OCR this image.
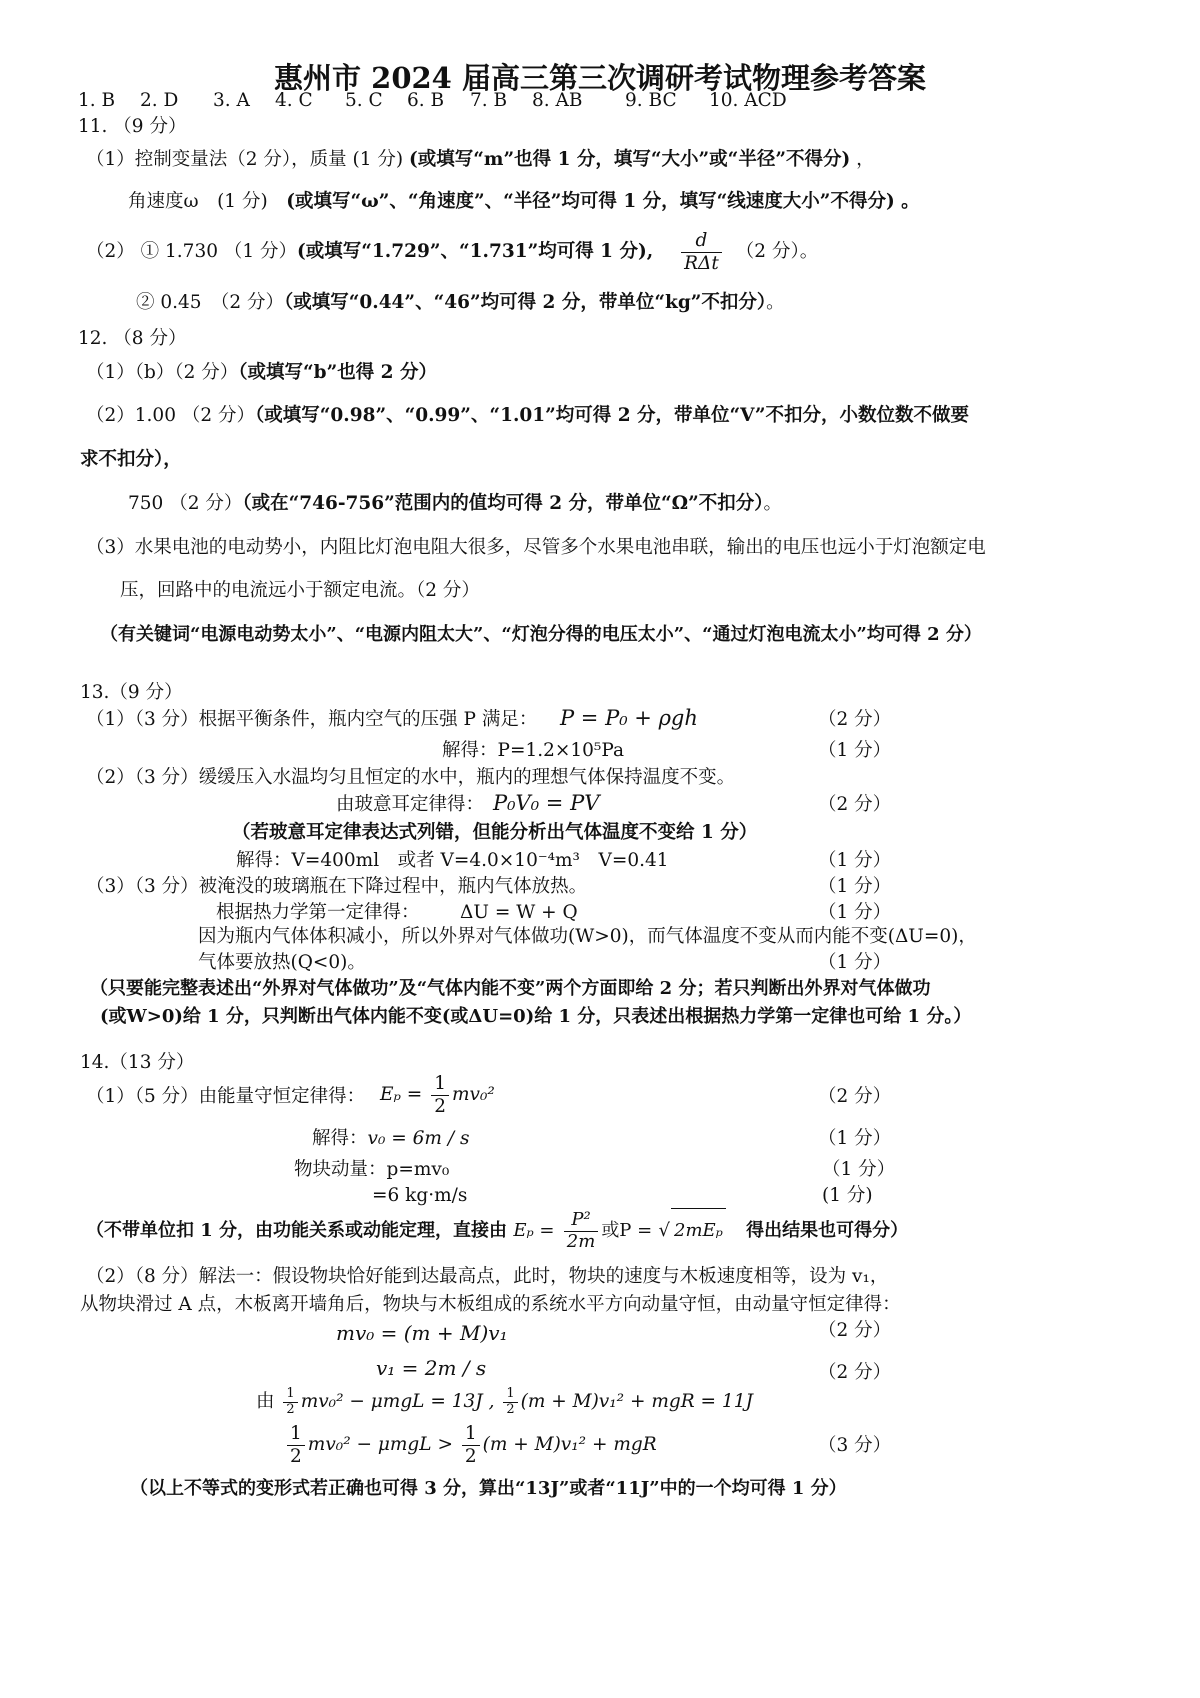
惠州市 2024 届高三第三次调研考试物理参考答案
1. B 2. D 3. A 4. C 5. C 6. B 7. B 8. AB 9. BC 10. ACD
11. （9 分）
（1）控制变量法（2 分），质量 (1 分) (或填写“m”也得 1 分，填写“大小”或“半径”不得分) ，
角速度ω　(1 分)　(或填写“ω”、“角速度”、“半径”均可得 1 分，填写“线速度大小”不得分) 。
（2） ① 1.730 （1 分）(或填写“1.729”、“1.731”均可得 1 分), $\frac{d}{\text{RΔt}} (2$ 分）。
② 0.45　（2 分）（或填写“0.44”、“46”均可得 2 分，带单位“kg”不扣分）。
12. （8 分）
（1）（b）（2 分）（或填写“b”也得 2 分）
（2）1.00 （2 分）（或填写“0.98”、“0.99”、“1.01”均可得 2 分，带单位“V”不扣分，小数位数不做要
求不扣分），
750 （2 分）（或在“746-756”范围内的值均可得 2 分，带单位“Ω”不扣分）。
（3）水果电池的电动势小，内阻比灯泡电阻大很多，尽管多个水果电池串联，输出的电压也远小于灯泡额定电
压，回路中的电流远小于额定电流。（2 分）
（有关键词“电源电动势太小”、“电源内阻太大”、“灯泡分得的电压太小”、“通过灯泡电流太小”均可得 2 分）
13.（9 分）
（1）（3 分）根据平衡条件，瓶内空气的压强 P 满足： P = P₀ + ρgh	（2 分）
解得：P=1.2×10⁵Pa	（1 分）
（2）（3 分）缓缓压入水温均匀且恒定的水中，瓶内的理想气体保持温度不变。
由玻意耳定律得： P₀V₀ = PV	（2 分）
（若玻意耳定律表达式列错，但能分析出气体温度不变给 1 分）
解得：V=400ml　或者 V=4.0×10⁻⁴m³　V=0.41	（1 分）
（3）（3 分）被淹没的玻璃瓶在下降过程中，瓶内气体放热。	（1 分）
根据热力学第一定律得： ΔU = W + Q	（1 分）
因为瓶内气体体积减小，所以外界对气体做功(W>0)，而气体温度不变从而内能不变(ΔU=0)，
气体要放热(Q<0)。	（1 分）
（只要能完整表述出“外界对气体做功”及“气体内能不变”两个方面即给 2 分；若只判断出外界对气体做功
(或W>0)给 1 分，只判断出气体内能不变(或ΔU=0)给 1 分，只表述出根据热力学第一定律也可给 1 分。）
14.（13 分）
（1）（5 分）由能量守恒定律得： $E_p = \frac{1}{2} mv_0^2$	（2 分）
解得：v₀ = 6m / s	（1 分）
物块动量：p=mv₀	（1 分）
=6 kg·m/s	(1 分)
（不带单位扣 1 分，由功能关系或动能定理，直接由 $E_p = \frac{\text{P²}}{2m}$ 或P = √ 2mEₚ 得出结果也可得分）
（2）（8 分）解法一：假设物块恰好能到达最高点，此时，物块的速度与木板速度相等，设为 v₁，
从物块滑过 A 点，木板离开墙角后，物块与木板组成的系统水平方向动量守恒，由动量守恒定律得：
mv₀ = (m + M)v₁	（2 分）
v₁ = 2m / s	（2 分）
由 $\frac{1}{2} mv_0^2 - \mu mgL = 13J$ , $\frac{1}{2} (m + M)v_1^2$ + mgR = 11J
$\frac{1}{2} mv_0^2 - \mu mgL > \frac{1}{2} (m + M)v_1^2$ + mgR	（3 分）
（以上不等式的变形式若正确也可得 3 分，算出“13J”或者“11J”中的一个均可得 1 分）
